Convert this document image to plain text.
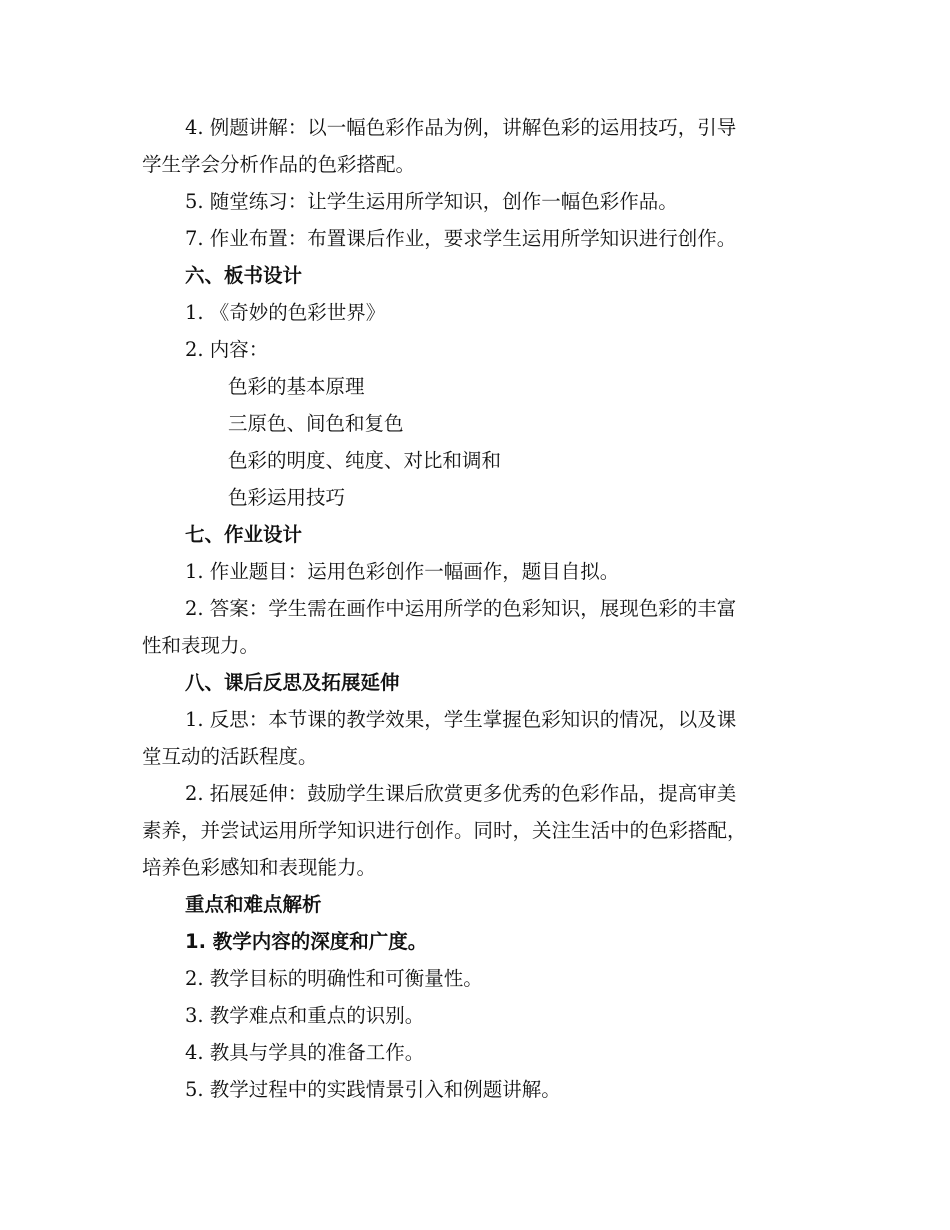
4. 例题讲解：以一幅色彩作品为例，讲解色彩的运用技巧，引导
学生学会分析作品的色彩搭配。
5. 随堂练习：让学生运用所学知识，创作一幅色彩作品。
7. 作业布置：布置课后作业，要求学生运用所学知识进行创作。
六、板书设计
1. 《奇妙的色彩世界》
2. 内容：
色彩的基本原理
三原色、间色和复色
色彩的明度、纯度、对比和调和
色彩运用技巧
七、作业设计
1. 作业题目：运用色彩创作一幅画作，题目自拟。
2. 答案：学生需在画作中运用所学的色彩知识，展现色彩的丰富
性和表现力。
八、课后反思及拓展延伸
1. 反思：本节课的教学效果，学生掌握色彩知识的情况，以及课
堂互动的活跃程度。
2. 拓展延伸：鼓励学生课后欣赏更多优秀的色彩作品，提高审美
素养，并尝试运用所学知识进行创作。同时，关注生活中的色彩搭配，
培养色彩感知和表现能力。
重点和难点解析
1. 教学内容的深度和广度。
2. 教学目标的明确性和可衡量性。
3. 教学难点和重点的识别。
4. 教具与学具的准备工作。
5. 教学过程中的实践情景引入和例题讲解。
